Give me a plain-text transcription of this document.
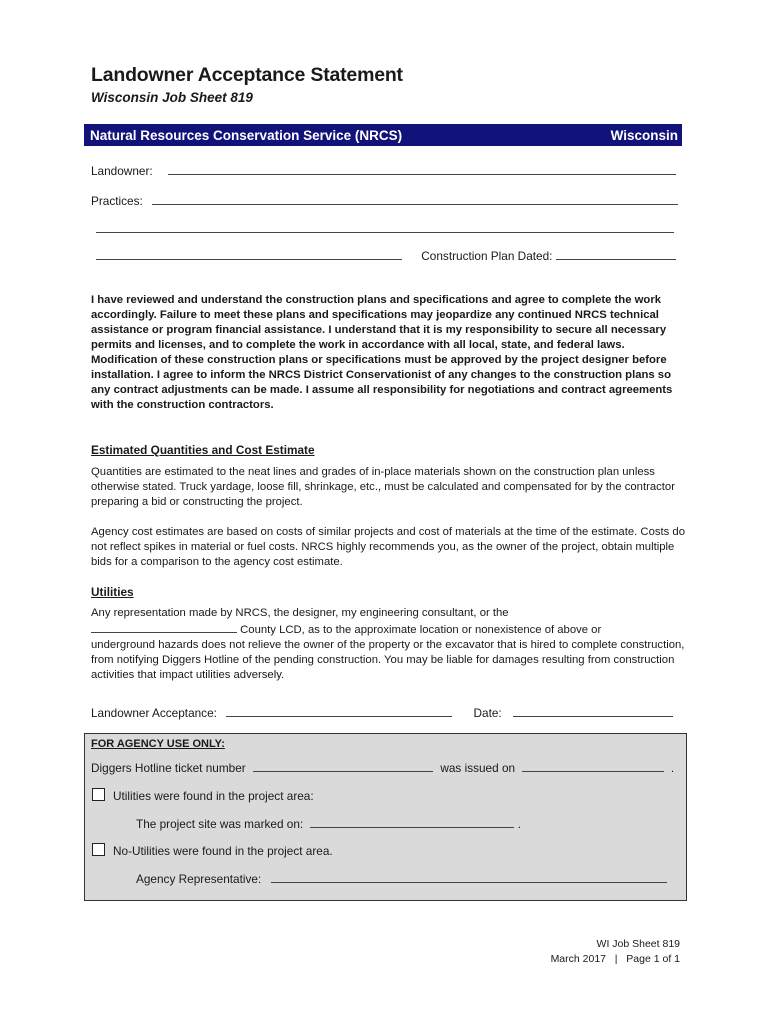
Landowner Acceptance Statement
Wisconsin Job Sheet 819
Natural Resources Conservation Service (NRCS)	Wisconsin
Landowner:
Practices:
Construction Plan Dated:
I have reviewed and understand the construction plans and specifications and agree to complete the work accordingly. Failure to meet these plans and specifications may jeopardize any continued NRCS technical assistance or program financial assistance. I understand that it is my responsibility to secure all necessary permits and licenses, and to complete the work in accordance with all local, state, and federal laws. Modification of these construction plans or specifications must be approved by the project designer before installation. I agree to inform the NRCS District Conservationist of any changes to the construction plans so any contract adjustments can be made. I assume all responsibility for negotiations and contract agreements with the construction contractors.
Estimated Quantities and Cost Estimate
Quantities are estimated to the neat lines and grades of in-place materials shown on the construction plan unless otherwise stated. Truck yardage, loose fill, shrinkage, etc., must be calculated and compensated for by the contractor preparing a bid or constructing the project.
Agency cost estimates are based on costs of similar projects and cost of materials at the time of the estimate. Costs do not reflect spikes in material or fuel costs. NRCS highly recommends you, as the owner of the project, obtain multiple bids for a comparison to the agency cost estimate.
Utilities
Any representation made by NRCS, the designer, my engineering consultant, or the
County LCD, as to the approximate location or nonexistence of above or
underground hazards does not relieve the owner of the property or the excavator that is hired to complete construction, from notifying Diggers Hotline of the pending construction. You may be liable for damages resulting from construction activities that impact utilities adversely.
Landowner Acceptance:	Date:
FOR AGENCY USE ONLY:
Diggers Hotline ticket number	was issued on	.
Utilities were found in the project area:
The project site was marked on:	.
No-Utilities were found in the project area.
Agency Representative:
WI Job Sheet 819
March 2017 | Page 1 of 1
